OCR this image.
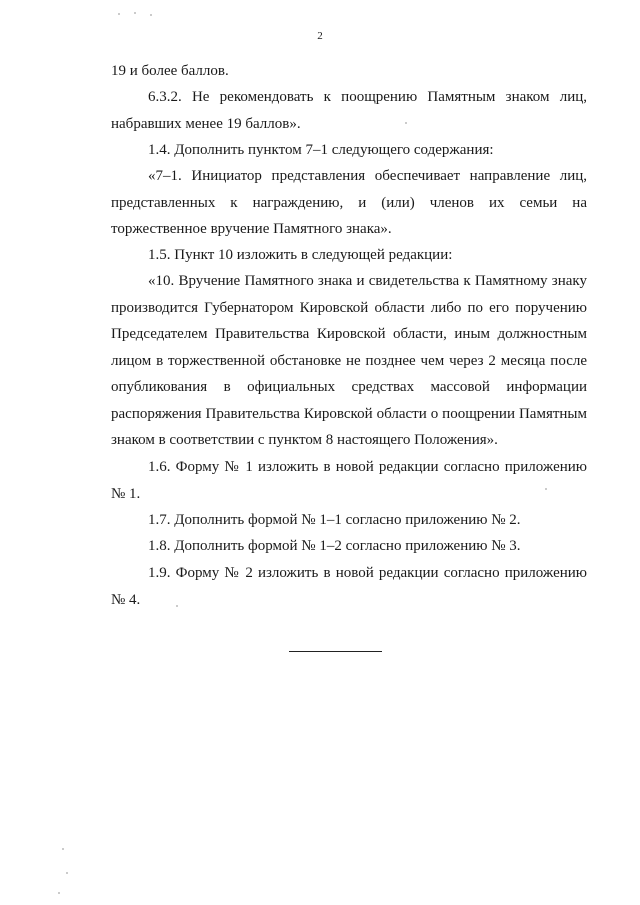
2
19 и более баллов.
6.3.2. Не рекомендовать к поощрению Памятным знаком лиц, набравших менее 19 баллов».
1.4. Дополнить пунктом 7–1 следующего содержания:
«7–1. Инициатор представления обеспечивает направление лиц, представленных к награждению, и (или) членов их семьи на торжественное вручение Памятного знака».
1.5. Пункт 10 изложить в следующей редакции:
«10. Вручение Памятного знака и свидетельства к Памятному знаку производится Губернатором Кировской области либо по его поручению Председателем Правительства Кировской области, иным должностным лицом в торжественной обстановке не позднее чем через 2 месяца после опубликования в официальных средствах массовой информации распоряжения Правительства Кировской области о поощрении Памятным знаком в соответствии с пунктом 8 настоящего Положения».
1.6. Форму № 1 изложить в новой редакции согласно приложению № 1.
1.7. Дополнить формой № 1–1 согласно приложению № 2.
1.8. Дополнить формой № 1–2 согласно приложению № 3.
1.9. Форму № 2 изложить в новой редакции согласно приложению № 4.
